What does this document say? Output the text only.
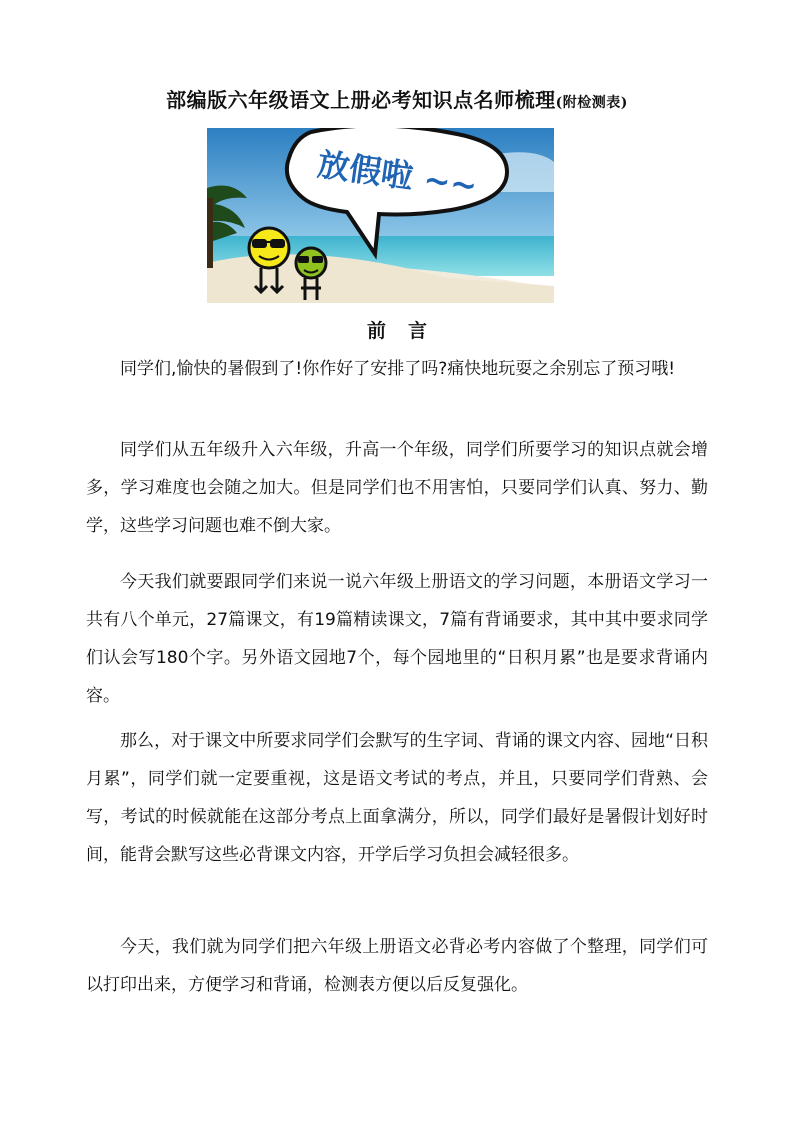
部编版六年级语文上册必考知识点名师梳理(附检测表)
放假啦 ~~
前言

同学们,愉快的暑假到了!你作好了安排了吗?痛快地玩耍之余别忘了预习哦!

同学们从五年级升入六年级，升高一个年级，同学们所要学习的知识点就会增多，学习难度也会随之加大。但是同学们也不用害怕，只要同学们认真、努力、勤学，这些学习问题也难不倒大家。

今天我们就要跟同学们来说一说六年级上册语文的学习问题，本册语文学习一共有八个单元，27篇课文，有19篇精读课文，7篇有背诵要求，其中其中要求同学们认会写180个字。另外语文园地7个，每个园地里的“日积月累”也是要求背诵内容。

那么，对于课文中所要求同学们会默写的生字词、背诵的课文内容、园地“日积月累”，同学们就一定要重视，这是语文考试的考点，并且，只要同学们背熟、会写，考试的时候就能在这部分考点上面拿满分，所以，同学们最好是暑假计划好时间，能背会默写这些必背课文内容，开学后学习负担会减轻很多。

今天，我们就为同学们把六年级上册语文必背必考内容做了个整理，同学们可以打印出来，方便学习和背诵，检测表方便以后反复强化。
